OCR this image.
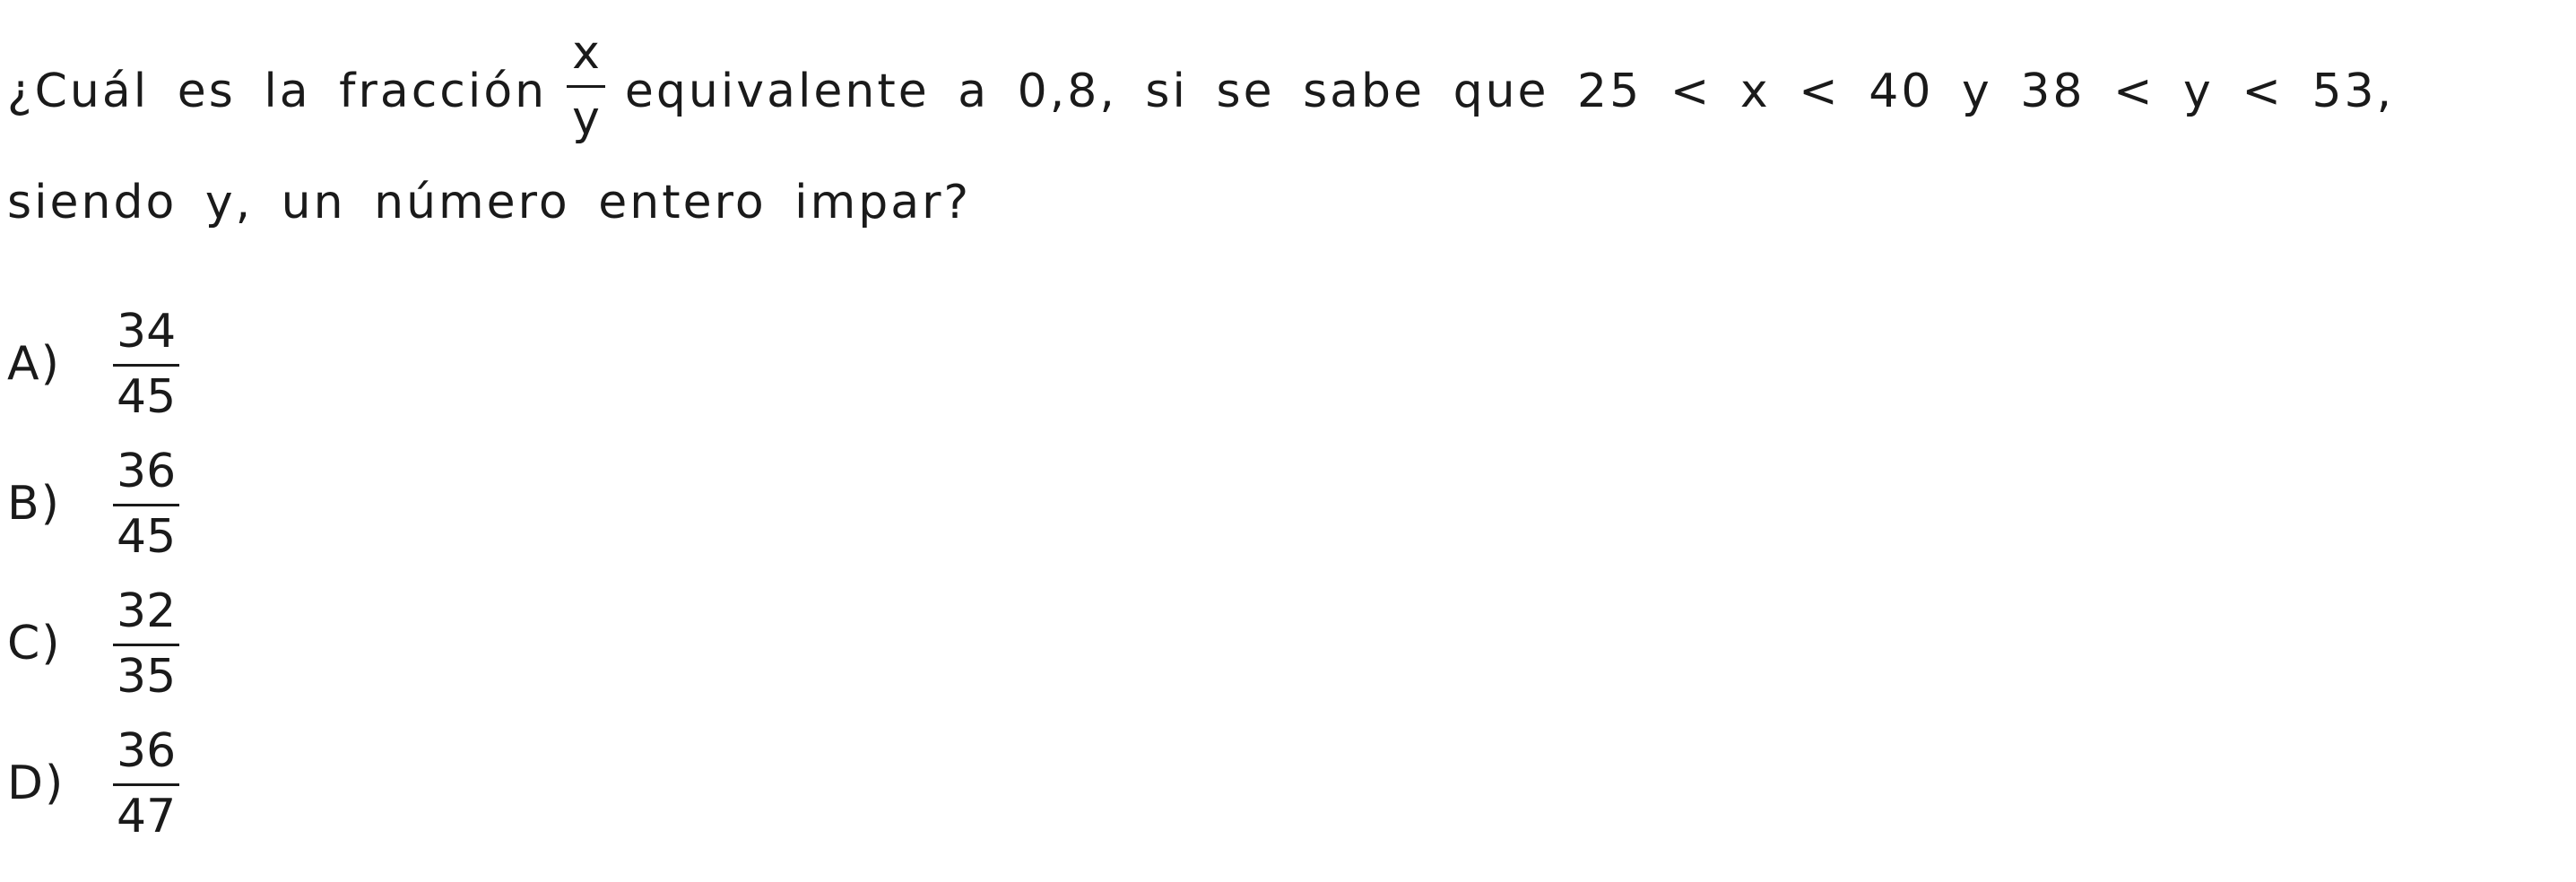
¿Cuál es la fracción $\frac{x}{y}$ equivalente a 0,8, si se sabe que 25 < x < 40 y 38 < y < 53,
siendo y, un número entero impar?
A)	$\frac{34}{45}$
B)	$\frac{36}{45}$
C)	$\frac{32}{35}$
D)	$\frac{36}{47}$
